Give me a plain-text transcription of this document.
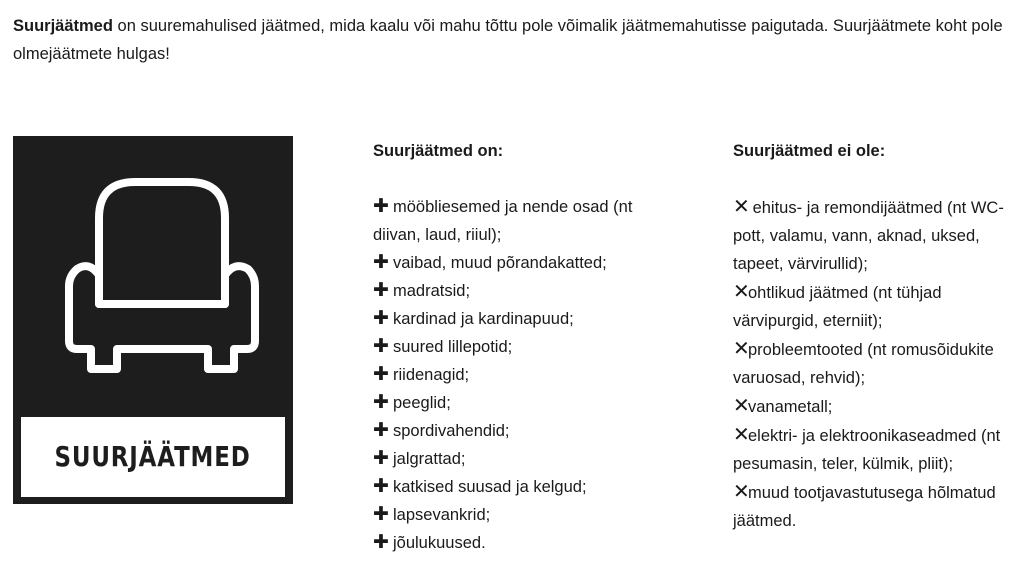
Suurjäätmed on suuremahulised jäätmed, mida kaalu või mahu tõttu pole võimalik jäätmemahutisse paigutada. Suurjäätmete koht pole olmejäätmete hulgas!

SUURJÄÄTMED
Suurjäätmed on:
✚ mööbliesemed ja nende osad (nt diivan, laud, riiul);
✚ vaibad, muud põrandakatted;
✚ madratsid;
✚ kardinad ja kardinapuud;
✚ suured lillepotid;
✚ riidenagid;
✚ peeglid;
✚ spordivahendid;
✚ jalgrattad;
✚ katkised suusad ja kelgud;
✚ lapsevankrid;
✚ jõulukuused.
Suurjäätmed ei ole:
✕ ehitus- ja remondijäätmed (nt WC-pott, valamu, vann, aknad, uksed, tapeet, värvirullid);
✕ohtlikud jäätmed (nt tühjad värvipurgid, eterniit);
✕probleemtooted (nt romusõidukite varuosad, rehvid);
✕vanametall;
✕elektri- ja elektroonikaseadmed (nt pesumasin, teler, külmik, pliit);
✕muud tootjavastutusega hõlmatud jäätmed.
